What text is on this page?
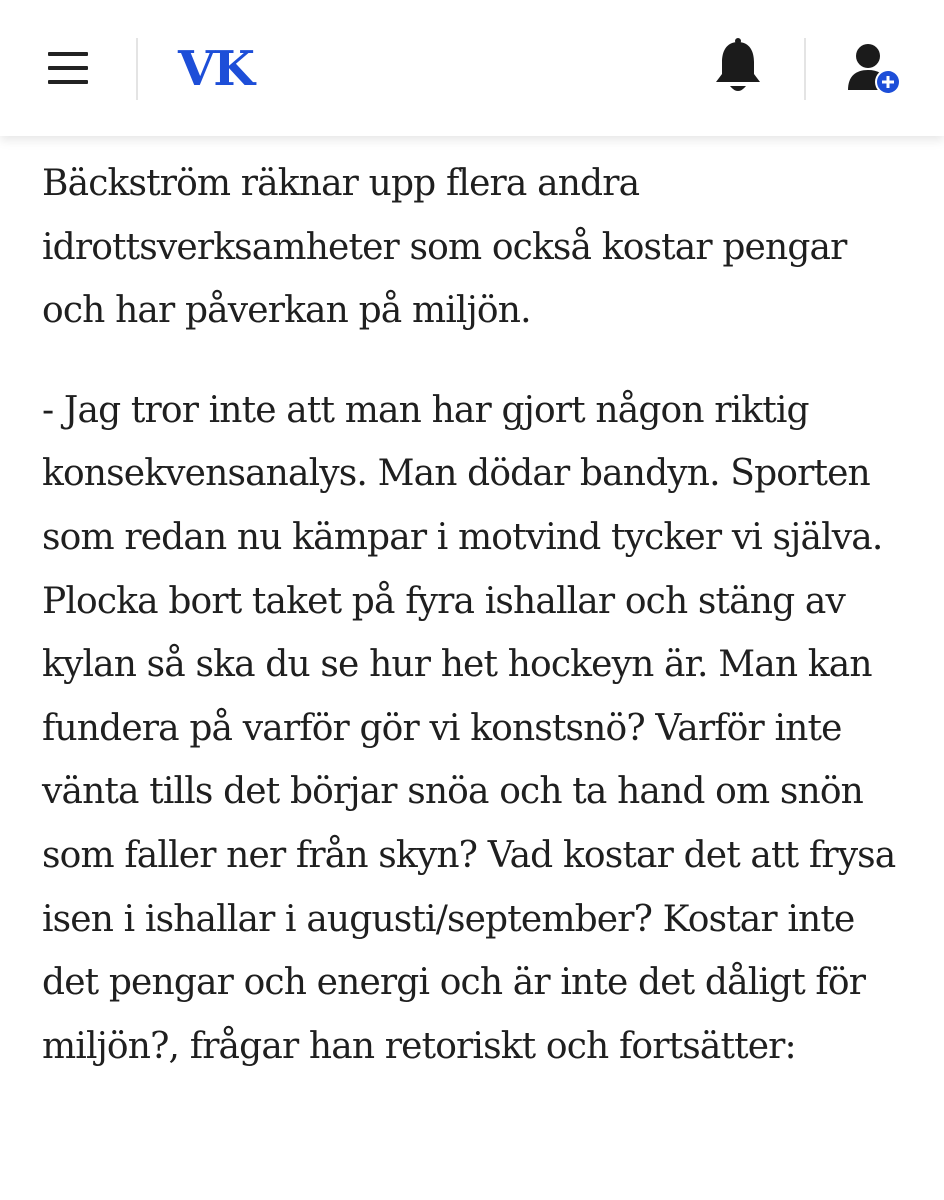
VK

Bäckström räknar upp flera andra idrottsverksamheter som också kostar pengar och har påverkan på miljön.

- Jag tror inte att man har gjort någon riktig konsekvensanalys. Man dödar bandyn. Sporten som redan nu kämpar i motvind tycker vi själva. Plocka bort taket på fyra ishallar och stäng av kylan så ska du se hur het hockeyn är. Man kan fundera på varför gör vi konstsnö? Varför inte vänta tills det börjar snöa och ta hand om snön som faller ner från skyn? Vad kostar det att frysa isen i ishallar i augusti/september? Kostar inte det pengar och energi och är inte det dåligt för miljön?, frågar han retoriskt och fortsätter:
